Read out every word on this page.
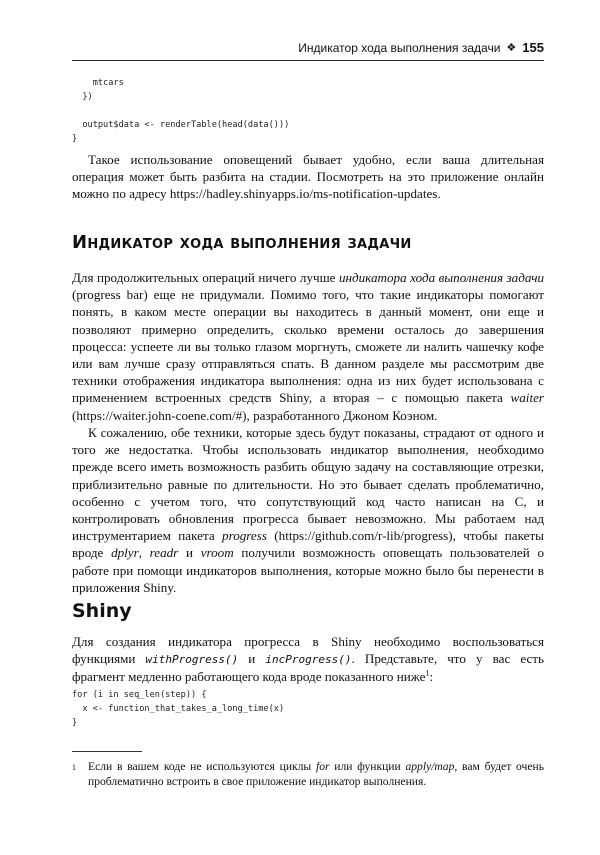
Индикатор хода выполнения задачи ❖ 155
mtcars
})

output$data <- renderTable(head(data()))
}

Такое использование оповещений бывает удобно, если ваша длительная операция может быть разбита на стадии. Посмотреть на это приложение онлайн можно по адресу https://hadley.shinyapps.io/ms-notification-updates.

Индикатор хода выполнения задачи

Для продолжительных операций ничего лучше индикатора хода выполнения задачи (progress bar) еще не придумали. Помимо того, что такие индикаторы помогают понять, в каком месте операции вы находитесь в данный момент, они еще и позволяют примерно определить, сколько времени осталось до завершения процесса: успеете ли вы только глазом моргнуть, сможете ли налить чашечку кофе или вам лучше сразу отправляться спать. В данном разделе мы рассмотрим две техники отображения индикатора выполнения: одна из них будет использована с применением встроенных средств Shiny, а вторая – с помощью пакета waiter (https://waiter.john-coene.com/#), разработанного Джоном Коэном.

К сожалению, обе техники, которые здесь будут показаны, страдают от одного и того же недостатка. Чтобы использовать индикатор выполнения, необходимо прежде всего иметь возможность разбить общую задачу на составляющие отрезки, приблизительно равные по длительности. Но это бывает сделать проблематично, особенно с учетом того, что сопутствующий код часто написан на C, и контролировать обновления прогресса бывает невозможно. Мы работаем над инструментарием пакета progress (https://github.com/r-lib/progress), чтобы пакеты вроде dplyr, readr и vroom получили возможность оповещать пользователей о работе при помощи индикаторов выполнения, которые можно было бы перенести в приложения Shiny.

Shiny

Для создания индикатора прогресса в Shiny необходимо воспользоваться функциями withProgress() и incProgress(). Представьте, что у вас есть фрагмент медленно работающего кода вроде показанного ниже$^1$:

for (i in seq_len(step)) {
x <- function_that_takes_a_long_time(x)
}
1	Если в вашем коде не используются циклы for или функции apply/map, вам будет очень проблематично встроить в свое приложение индикатор выполнения.
